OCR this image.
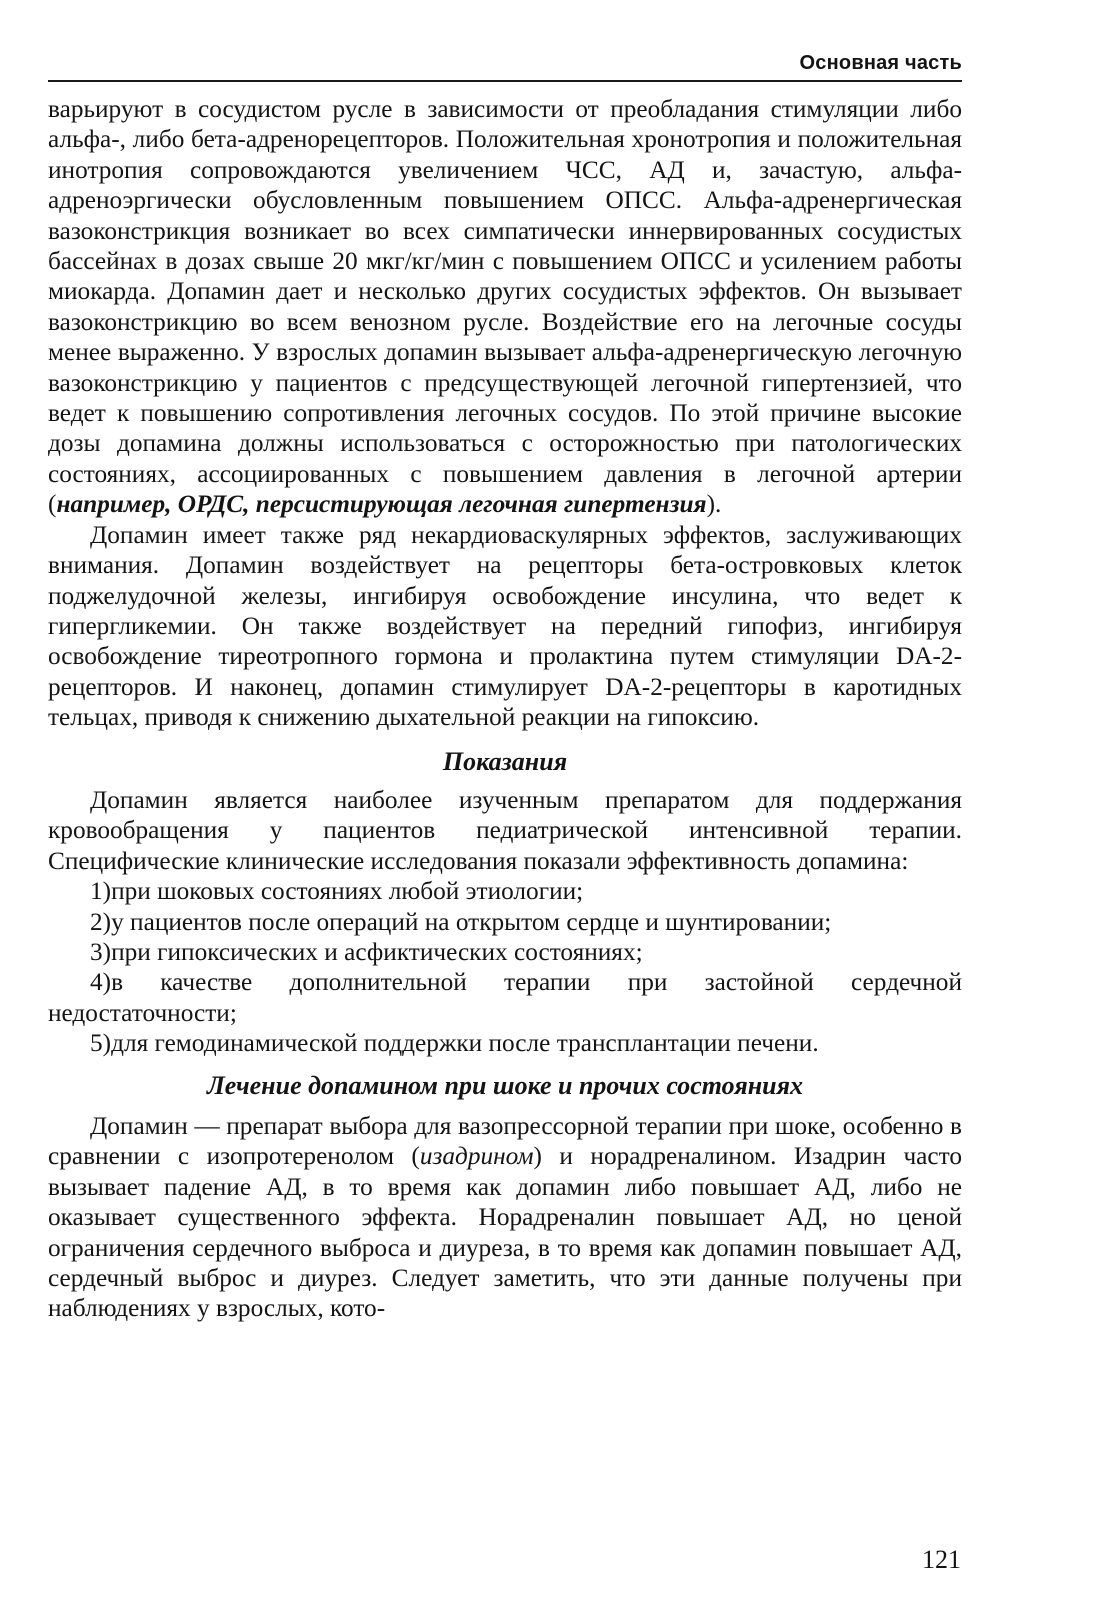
Основная часть

варьируют в сосудистом русле в зависимости от преобладания стимуляции либо альфа-, либо бета-адренорецепторов. Положительная хронотропия и положительная инотропия сопровождаются увеличением ЧСС, АД и, зачастую, альфа-адреноэргически обусловленным повышением ОПСС. Альфа-адренергическая вазоконстрикция возникает во всех симпатически иннервированных сосудистых бассейнах в дозах свыше 20 мкг/кг/мин с повышением ОПСС и усилением работы миокарда. Допамин дает и несколько других сосудистых эффектов. Он вызывает вазоконстрикцию во всем венозном русле. Воздействие его на легочные сосуды менее выраженно. У взрослых допамин вызывает альфа-адренергическую легочную вазоконстрикцию у пациентов с предсуществующей легочной гипертензией, что ведет к повышению сопротивления легочных сосудов. По этой причине высокие дозы допамина должны использоваться с осторожностью при патологических состояниях, ассоциированных с повышением давления в легочной артерии (например, ОРДС, персистирующая легочная гипертензия).

Допамин имеет также ряд некардиоваскулярных эффектов, заслуживающих внимания. Допамин воздействует на рецепторы бета-островковых клеток поджелудочной железы, ингибируя освобождение инсулина, что ведет к гипергликемии. Он также воздействует на передний гипофиз, ингибируя освобождение тиреотропного гормона и пролактина путем стимуляции DA-2-рецепторов. И наконец, допамин стимулирует DA-2-рецепторы в каротидных тельцах, приводя к снижению дыхательной реакции на гипоксию.

Показания

Допамин является наиболее изученным препаратом для поддержания кровообращения у пациентов педиатрической интенсивной терапии. Специфические клинические исследования показали эффективность допамина:

1)при шоковых состояниях любой этиологии;
2)у пациентов после операций на открытом сердце и шунтировании;
3)при гипоксических и асфиктических состояниях;
4)в качестве дополнительной терапии при застойной сердечной недостаточности;
5)для гемодинамической поддержки после трансплантации печени.
Лечение допамином при шоке и прочих состояниях

Допамин — препарат выбора для вазопрессорной терапии при шоке, особенно в сравнении с изопротеренолом (изадрином) и норадреналином. Изадрин часто вызывает падение АД, в то время как допамин либо повышает АД, либо не оказывает существенного эффекта. Норадреналин повышает АД, но ценой ограничения сердечного выброса и диуреза, в то время как допамин повышает АД, сердечный выброс и диурез. Следует заметить, что эти данные получены при наблюдениях у взрослых, кото-

121
